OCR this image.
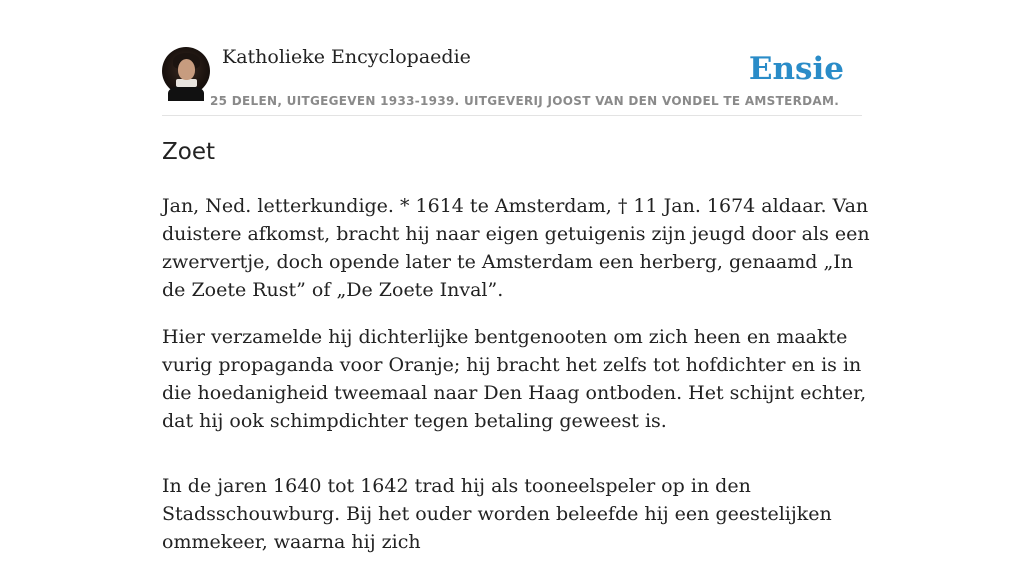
Katholieke Encyclopaedie
25 DELEN, UITGEGEVEN 1933-1939. UITGEVERIJ JOOST VAN DEN VONDEL TE AMSTERDAM.
Ensie
Zoet

Jan, Ned. letterkundige. * 1614 te Amsterdam, † 11 Jan. 1674 aldaar. Van duistere afkomst, bracht hij naar eigen getuigenis zijn jeugd door als een zwervertje, doch opende later te Amsterdam een herberg, genaamd „In de Zoete Rust” of „De Zoete Inval”.

Hier verzamelde hij dichterlijke bentgenooten om zich heen en maakte vurig propaganda voor Oranje; hij bracht het zelfs tot hofdichter en is in die hoedanigheid tweemaal naar Den Haag ontboden. Het schijnt echter, dat hij ook schimpdichter tegen betaling geweest is.

In de jaren 1640 tot 1642 trad hij als tooneelspeler op in den Stadsschouwburg. Bij het ouder worden beleefde hij een geestelijken ommekeer, waarna hij zich
